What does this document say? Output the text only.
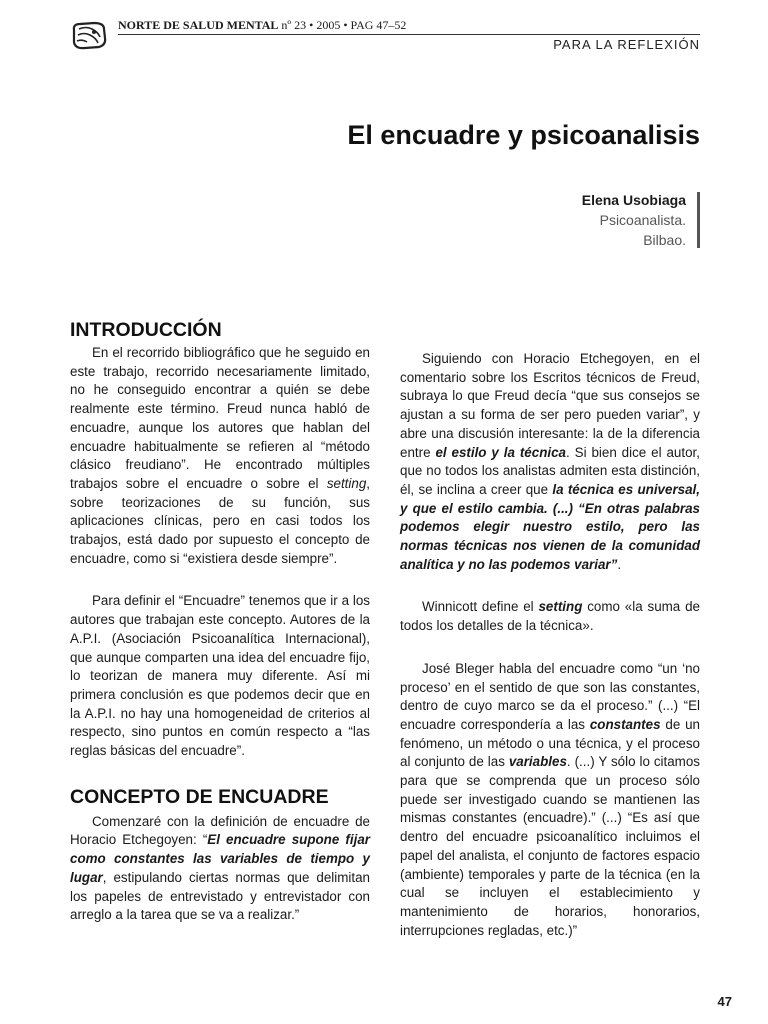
NORTE DE SALUD MENTAL nº 23 • 2005 • PAG 47–52
PARA LA REFLEXIÓN
El encuadre y psicoanalisis
Elena Usobiaga
Psicoanalista.
Bilbao.
INTRODUCCIÓN

En el recorrido bibliográfico que he seguido en este trabajo, recorrido necesariamente limitado, no he conseguido encontrar a quién se debe realmente este término. Freud nunca habló de encuadre, aunque los autores que hablan del encuadre habitualmente se refieren al “método clásico freudiano”. He encontrado múltiples trabajos sobre el encuadre o sobre el setting, sobre teorizaciones de su función, sus aplicaciones clínicas, pero en casi todos los trabajos, está dado por supuesto el concepto de encuadre, como si “existiera desde siempre”.

Para definir el “Encuadre” tenemos que ir a los autores que trabajan este concepto. Autores de la A.P.I. (Asociación Psicoanalítica Internacional), que aunque comparten una idea del encuadre fijo, lo teorizan de manera muy diferente. Así mi primera conclusión es que podemos decir que en la A.P.I. no hay una homogeneidad de criterios al respecto, sino puntos en común respecto a “las reglas básicas del encuadre”.

CONCEPTO DE ENCUADRE

Comenzaré con la definición de encuadre de Horacio Etchegoyen: “El encuadre supone fijar como constantes las variables de tiempo y lugar, estipulando ciertas normas que delimitan los papeles de entrevistado y entrevistador con arreglo a la tarea que se va a realizar.”

Siguiendo con Horacio Etchegoyen, en el comentario sobre los Escritos técnicos de Freud, subraya lo que Freud decía “que sus consejos se ajustan a su forma de ser pero pueden variar”, y abre una discusión interesante: la de la diferencia entre el estilo y la técnica. Si bien dice el autor, que no todos los analistas admiten esta distinción, él, se inclina a creer que la técnica es universal, y que el estilo cambia. (...) “En otras palabras podemos elegir nuestro estilo, pero las normas técnicas nos vienen de la comunidad analítica y no las podemos variar”.

Winnicott define el setting como «la suma de todos los detalles de la técnica».

José Bleger habla del encuadre como “un ‘no proceso’ en el sentido de que son las constantes, dentro de cuyo marco se da el proceso.” (...) “El encuadre correspondería a las constantes de un fenómeno, un método o una técnica, y el proceso al conjunto de las variables. (...) Y sólo lo citamos para que se comprenda que un proceso sólo puede ser investigado cuando se mantienen las mismas constantes (encuadre).” (...) “Es así que dentro del encuadre psicoanalítico incluimos el papel del analista, el conjunto de factores espacio (ambiente) temporales y parte de la técnica (en la cual se incluyen el establecimiento y mantenimiento de horarios, honorarios, interrupciones regladas, etc.)”

47
